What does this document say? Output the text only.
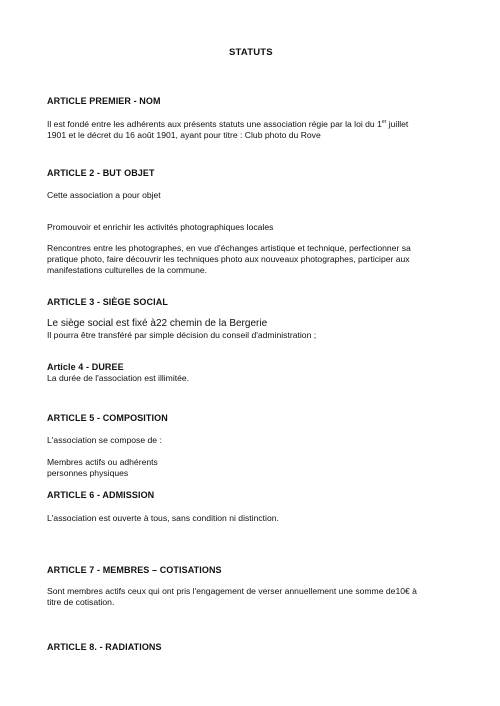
STATUTS
ARTICLE PREMIER - NOM
Il est fondé entre les adhérents aux présents statuts une association régie par la loi du 1er juillet
1901 et le décret du 16 août 1901, ayant pour titre : Club photo du Rove
ARTICLE 2 - BUT OBJET
Cette association a pour objet
Promouvoir et enrichir les activités photographiques locales
Rencontres entre les photographes, en vue d'échanges artistique et technique, perfectionner sa
pratique photo, faire découvrir les techniques photo aux nouveaux photographes, participer aux
manifestations culturelles de la commune.
ARTICLE 3 - SIÈGE SOCIAL
Le siège social est fixé à22 chemin de la Bergerie
Il pourra être transféré par simple décision du conseil d'administration ;
Article 4 - DUREE
La durée de l'association est illimitée.
ARTICLE 5 - COMPOSITION
L'association se compose de :
Membres actifs ou adhérents
personnes physiques
ARTICLE 6 - ADMISSION
L'association est ouverte à tous, sans condition ni distinction.
ARTICLE 7 - MEMBRES – COTISATIONS
Sont membres actifs ceux qui ont pris l'engagement de verser annuellement une somme de10€ à
titre de cotisation.
ARTICLE 8. - RADIATIONS
